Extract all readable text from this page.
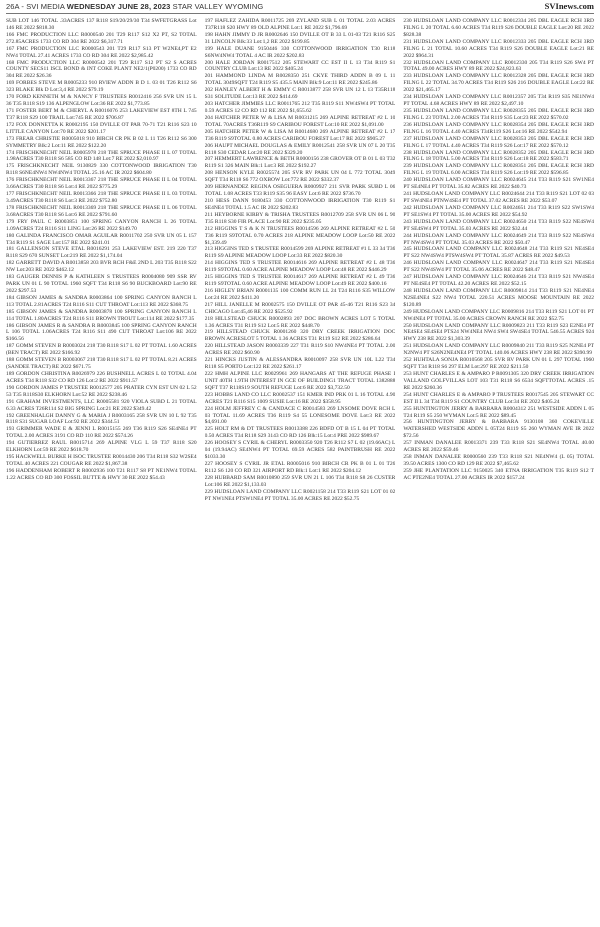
26A - SVI MEDIA WEDNESDAY JUNE 28, 2023 STAR VALLEY WYOMING	SVInews.com

SUB LOT 146 TOTAL .33ACRES 137 R118 S19/20/29/30 T34 SWFETGRASS Lot 146 RE 2022 $818.30

166 FMC PRODUCTION LLC R0000540 201 T29 R117 S12 X2 PT, S2 TOTAL 272.85ACRES 1733 CO RD 304 RE 2022 $6,317.71

167 FMC PRODUCTION LLC R0000543 201 T29 R117 S13 PT W2NE4,PT E2 NW4 TOTAL 27.41 ACRES 1733 CO RD 304 RE 2022 $2,985.42

168 FMC PRODUCTION LLC R0000542 201 T29 R117 S12 PT S2 S ACRES COUNTY SECS11 ISCL BOND & INT COKE PLANT NE2/1(P0200) 1733 CO RD 304 RE 2022 $26.36

169 FORBES STEVE M R0005233 910 RVIEW ADDN B D 1. 03 01 T26 R112 S6 323 BLAKE Blk D Lot:3,4 RE 2022 $79.19

170 FORD KENNETH M & NANCY F TRUSTEES R0012416 256 SVR UN 15 L 36 T35 R118 S19 136 ALPENGLOW Lot:36 RE 2022 $1,773.85

171 FOSTER BERT M & CHERYL A R0016076 253 LAKEVIEW EST 8TH L 745 T37 R118 S29 100 TRAIL Lot:745 RE 2022 $706.87

172 FOX DONNETTA K R0002195 150 DVILLE OT PAR 70-71 T21 R116 S23 10 LITTLE CANYON Lot:70 RE 2022 $201.17

173 FREAR CHRISTIE R0005018 910 BIRCH CR PK B 02 L 11 T26 R112 S6 300 SYMMETRY Blk:2 Lot:11 RE 2022 $122.20

174 FRISCHKNECHT NEIL R0005978 218 THE SPRUCE PHASE II L 07 TOTAL 1.98ACRES T30 R118 S6 585 CO RD 148 Lot:7 RE 2022 $2,010.97

175 FRISCHKNECHT NEIL 9130829 330 COTTONWOOD IRRIGATION T30 R118 S6NE4NW4 NW4NW4 TOTAL 25.16 AC IR 2022 $604.80

176 FRISCHKNECHT NEIL R0013367 218 THE SPRUCE PHASE II L 04 TOTAL 3.66ACRES T30 R118 S6 Lot:4 RE 2022 $775.29

177 FRISCHKNECHT NEIL R0013366 218 THE SPRUCE PHASE II L 03 TOTAL 3.49ACRES T30 R118 S6 Lot:3 RE 2022 $752.80

178 FRISCHKNECHT NEIL R0013369 218 THE SPRUCE PHASE II L 06 TOTAL 3.68ACRES T30 R118 S6 Lot:6 RE 2022 $791.60

179 FRY PAUL C R0003851 100 SPRING CANYON RANCH L 26 TOTAL 1.09ACRES T24 R116 S11 LING Lot:26 RE 2022 $149.70

180 GALINDA FRANCISCO OMAR AGUILAR R0011702 250 SVR UN 05 L 157 T34 R119 S1 SAGE Lot:157 RE 2022 $241.01

181 GALLENSON STEVE ETAL R0016291 253 LAKEVIEW EST. 219 220 T37 R118 S29 670 SUNSET Lot:219 RE 2022 $1,174.04

182 GARRETT DAVID A R0013858 203 BVR RCH F&E 2ND L 203 T35 R118 S22 NW Lot:203 RE 2022 $462.12

183 GAUGER DENNIS P & KATHLEEN S TRUSTEES R0004080 909 SSR RV PARK UN 01 L 90 TOTAL 1960 SQFT T34 R118 S6 90 BUCKBOARD Lot:90 RE 2022 $297.53

184 GIBSON JAMES & SANDRA R0003864 100 SPRING CANYON RANCH L 113 TOTAL 2.81ACRES T24 R116 S11 CUT THROAT Lot:113 RE 2022 $368.75

185 GIBSON JAMES & SANDRA R0003878 100 SPRING CANYON RANCH L 114 TOTAL 1.80ACRES T24 R116 S11 BROWN TROUT Lot:114 RE 2022 $177.35

186 GIBSON JAMES R & SANDRA R R0003845 100 SPRING CANYON RANCH L 106 TOTAL 1.06ACRES T24 R116 S11 490 CUT THROAT Lot:106 RE 2022 $166.56

187 GOMM STEVEN B R0003024 218 T30 R118 S17 L 02 PT TOTAL 1.60 ACRES (BEN TRACT) RE 2022 $166.92

188 GOMM STEVEN B R0003067 218 T30 R118 S17 L 02 PT TOTAL 8.21 ACRES (SANDEE TRACT) RE 2022 $671.75

189 GORDON CHRISTINA R0026979 226 BUSHNELL ACRES L 02 TOTAL 4.04 ACRES T34 R118 S32 CO RD 126 Lot:2 RE 2022 $911.57

190 GORDON JAMES P TRUSTEE R0012577 205 PRATER CYN EST UN 02 L 52 53 T35 R118S30 ELKHORN Lot:52 RE 2022 $238.46

191 GRAHAM INVESTMENTS, LLC R0005581 920 VIOLA SUBD L 21 TOTAL 6.33 ACRES T26R114 S2 BIG SPRING Lot:21 RE 2022 $349.42

192 GREENHALGH DANNY G & MARIA J R0003165 258 SVR UN 10 L 92 T35 R118 S31 SUGAR LOAF Lot:92 RE 2022 $344.51

193 GRIMMER WADE E & JENNI L R0015155 269 T36 R119 S26 SE4NE4 PT TOTAL 2.00 ACRES 3191 CO RD 110 RE 2022 $574.26

194 GUTIERREZ RAUL R0015714 269 ALPINE VLG L 59 T37 R118 S20 ELKHORN Lot:59 RE 2022 $618.70

195 HACKWELL BURKE H ISOC TRUSTEE R0014430 206 T34 R118 S32 W2SE4 TOTAL 40 ACRES 221 COUGAR RE 2022 $1,867.38

196 HADDENHAM ROBERT R R0002936 100 T21 R117 S8 PT NE1NW4 TOTAL 1.22 ACRES CO RD 300 FOSSIL BUTTE & HWY 30 RE 2022 $54.43

197 HAFLEZ ZAHIDA R0011725 269 ZYLAND SUB L 01 TOTAL 2.03 ACRES T37R118 S20 HWY 89 OLD ALPINE Lot:1 RE 2022 $1,796.69

198 HAHN JIMMY D JR R0002646 150 DVILLE OT B 33 L 01-03 T21 R116 S25 31 LINCOLN Blk:33 Lot:1,2 RE 2022 $199.85

199 HALE DUANE 9150446 330 COTTONWOOD IRRIGATION T30 R118 S6NW4NW4 TOTAL 4 AC IR 2022 $202.83

200 HALE JORDAN R0017512 205 STEWART CC EST II L 13 T34 R119 S1 COUNTRY CLUB Lot:13 RE 2022 $405.24

201 HAMMOND LINDA M R0028350 251 CKYE THIRD ADDN B 09 L 11 TOTAL 3049SQFT T24 R119 S5 435.5 MAIN Blk:9 Lot:11 RE 2022 $245.86

202 HANLEY ALBERT H & EMMY C R0013877 258 SVR UN 12 L 13 T35R118 S31 SOLITUDE Lot:13 RE 2022 $414.69

203 HATCHER JIMMIES LLC R0011765 212 T35 R119 S11 NW4SW4 PT TOTAL 0.59 ACRES 12 CO RD 112 RE 2022 $1,655.62

204 HATCHER PETER W & LISA M R0031215 269 ALPINE RETREAT #2 L 10 TOTAL 70ACRES T36R119 S9 CARIBOU FOREST Lot:10 RE 2022 $1,091.00

205 HATCHER PETER W & LISA M R0014680 269 ALPINE RETREAT #2 L 17 T36 R119 S9TOTAL 0.80 ACRES CARIBOU FOREST Lot:17 RE 2022 $905.27

206 HAUPT MICHAEL DOUGLAS & EMILY R0012541 258 SVR UN 07 L 20 T35 R118 S30 CEDAR Lot:20 RE 2022 $329.20

207 HEMMERT LAWRENCE & BETH R0000156 238 GROVER OT B 01 L 03 T32 R119 S1 326 MAIN Blk:1 Lot:3 RE 2022 $192.27

208 HENSON KYLE R0025574 205 SVR RV PARK UN 04 L 772 TOTAL 3049 SQFT T34 R118 S6 772 OXBOW Lot:772 RE 2022 $332.37

209 HERNANDEZ REGINA OSEGUERA R0009927 211 SVR PARK SUBD L 06 TOTAL 1.08 ACRES T33 R119 S35 96 EASY Lot:6 RE 2022 $736.70

210 HESS DANN 9180453 330 COTTONWOOD IRRIGATION T30 R119 S1 SE4NE4 TOTAL 1.5 AC IR 2022 $202.83

211 HEYBORNE KIRBY & TRISHA TRUSTEES R0012709 258 SVR UN 06 L 90 T35 R118 S30 FIR PLACE Lot:90 RE 2022 $235.05

212 HIGGINS T S & K N TRUSTEES R0014596 269 ALPINE RETREAT #2 L 50 T36 R119 S9TOTAL 0.70 ACRES 218 ALPINE MEADOW LOOP Lot:50 RE 2022 $1,339.49

213 HIGGINS TED S TRUSTEE R0014599 269 ALPINE RETREAT #1 L 33 34 T36 R119 S9 ALPINE MEADOW LOOP Lot:33 RE 2022 $820.30

214 HIGGINS TED S TRUSTEE R0014616 269 ALPINE RETREAT #2 L 48 T36 R119 S9TOTAL 0.60 ACRE ALPINE MEADOW LOOP Lot:48 RE 2022 $446.29

215 HIGGINS TED S TRUSTEE R0014617 269 ALPINE RETREAT #2 L 49 T36 R119 S9TOTAL 0.60 ACRE ALPINE MEADOW LOOP Lot:49 RE 2022 $400.16

216 HIGLEY BRIAN R0001135 100 COMM RUN LL 24 T24 R116 S35 WILLOW Lot:24 RE 2022 $411.20

217 HILL JANELLE M R0002575 150 DVILLE OT PAR 45-46 T21 R116 S23 34 CHICAGO Lot:45,46 RE 2022 $525.92

218 HILLSTEAD CHUCK R0002893 207 DOC BROWN ACRES LOT 5 TOTAL 1.36 ACRES T31 R119 S12 Lot:5 RE 2022 $448.70

219 HILLSTEAD CHUCK R0001260 320 DRY CREEK IRRIGATION DOC BROWN ACRESLOT 5 TOTAL 1.36 ACRES T31 R119 S12 RE 2022 $286.64

220 HILLSTEAD JASON R0003339 227 T31 R119 S10 NW4NE4 PT TOTAL 2.00 ACRES RE 2022 $60.90

221 HINCKS JUSTIN & ALESSANDRA R0010097 258 SVR UN 10L L22 T34 R118 S5 PORTO Lot:122 RE 2022 $261.17

222 HMH ALPINE LLC R0029961 269 HANGARS AT THE REFUGE PHASE I UNIT 40TH 1.9TH INTEREST IN GCE OF BUILDING1 TRACT TOTAL 1382888 SQFT T37 R118S19 SOUTH REFUGE Lot:6 RE 2022 $3,732.50

223 HOBBS LAND CO LLC R0002537 151 KMER IND PRK 01 L 16 TOTAL 4.90 ACRES T21 R116 S15 1009 SUSIE Lot:16 RE 2022 $358.95

224 HOLM JEFFREY C & CANDACE C R0014583 269 LNSOME DOVE RCH L 03 TOTAL 11.69 ACRES T36 R119 S4 55 LONESOME DOVE Lot:3 RE 2022 $4,691.00

225 HOLT RM & DT TRUSTEES R0013388 226 BDFD OT B 15 L 04 PT TOTAL 0.50 ACRES T34 R118 S29 3143 CO RD 126 Blk:15 Lot:4 PRE 2022 $989.67

226 HOOSEY S CYRIL & CHERYL R0003350 920 T26 R112 S7 L 02 (19.66AC) L 04 (19.94AC) SE4NW4 PT TOTAL 69.59 ACRES 582 PAINTBRUSH RE 2022 $1033.30

227 HOOSEY S CYRIL JR ETAL R0005016 910 BIRCH CR PK B 01 L 01 T26 R112 S6 120 CO RD 321 AIRPORT RD Blk:1 Lot:1 RE 2022 $204.12

228 HUBBARD SAM R0010890 259 SVR UN 21 L 106 T34 R118 S8 26 CUSTER Lot:106 RE 2022 $1,133.03

229 HUDSLOAN LAND COMPANY LLC R0021158 214 T33 R119 S21 LOT 01 02 PT NW1NE4 PTSW1NE4 PT TOTAL 35.00 ACRES RE 2022 $52.75

230 HUDSLOAN LAND COMPANY LLC R0012334 205 DBL EAGLE RCH 3RD FILNG L 20 TOTAL 6.60 ACRES T34 R119 S26 DOUBLE EAGLE Lot:20 RE 2022 $828.38

231 HUDSLOAN LAND COMPANY LLC R0012333 205 DBL EAGLE RCH 3RD FILNG L 21 TOTAL 10.60 ACRES T34 R119 S26 DOUBLE EAGLE Lot:21 RE 2022 $964.31

232 HUDSLOAN LAND COMPANY LLC R0012330 205 T34 R119 S26 SW4 PT TOTAL 49.00 ACRES HWY 89 RE 2022 $24,823.63

233 HUDSLOAN LAND COMPANY LLC R0012328 205 DBL EAGLE RCH 3RD FILNG L 22 TOTAL 34.70 ACRES T34 R119 S26 216 DOUBLE EAGLE Lot:22 RE 2022 $21,465.17

234 HUDSLOAN LAND COMPANY LLC R0012357 205 T34 R119 S35 NE1NW4 PT TOTAL 4.68 ACRES HWY 89 RE 2022 $2,497.10

235 HUDSLOAN LAND COMPANY LLC R0028355 205 DBL EAGLE RCH 3RD FILNG L 23 TOTAL 2.00 ACRES T34 R119 S35 Lot:23 RE 2022 $570.02

236 HUDSLOAN LAND COMPANY LLC R0028354 205 DBL EAGLE RCH 3RD FILNG L 16 TOTAL 4.40 ACRES T34R119 S26 Lot:16 RE 2022 $542.94

237 HUDSLOAN LAND COMPANY LLC R0028353 205 DBL EAGLE RCH 3RD FILNG L 17 TOTAL 4.40 ACRES T34 R119 S26 Lot:17 RE 2022 $570.12

238 HUDSLOAN LAND COMPANY LLC R0028352 205 DBL EAGLE RCH 3RD FILNG L 18 TOTAL 5.00 ACRES T34 R119 S26 Lot:18 RE 2022 $583.71

239 HUDSLOAN LAND COMPANY LLC R0028351 205 DBL EAGLE RCH 3RD FILNG L 19 TOTAL 6.00 ACRES T34 R119 S26 Lot:19 RE 2022 $596.85

240 HUDSLOAN LAND COMPANY LLC R0024645 214 T33 R119 S21 SW1NE4 PT SE4NE4 PT TOTAL 35.82 ACRES RE 2022 $40.73

241 HUDSLOAN LAND COMPANY LLC R0024644 214 T33 R119 S21 LOT 02 03 PT SW4NE4 PTNW4SE4 PT TOTAL 37.02 ACRES RE 2022 $53.07

242 HUDSLOAN LAND COMPANY LLC R0024651 214 T33 R119 S22 SW1SW4 PT SE1SW4 PT TOTAL 35.00 ACRES RE 2022 $54.92

243 HUDSLOAN LAND COMPANY LLC R0024650 214 T33 R119 S22 NE4SW4 PT SE4SW4 PT TOTAL 35.03 ACRES RE 2022 $32.44

244 HUDSLOAN LAND COMPANY LLC R0024649 214 T33 R119 S22 NE4SW4 PT NW4SW4 PT TOTAL 35.03 ACRES RE 2022 $50.47

245 HUDSLOAN LAND COMPANY LLC R0024648 214 T33 R119 S21 NE4SE4 PT S22 NW4SW4 PTSW4SW4 PT TOTAL 35.87 ACRES RE 2022 $49.53

246 HUDSLOAN LAND COMPANY LLC R0024647 214 T33 R119 S21 NE4SE4 PT S22 NW4SW4 PT TOTAL 35.06 ACRES RE 2022 $48.47

247 HUDSLOAN LAND COMPANY LLC R0024646 214 T33 R119 S21 NW4SE4 PT NE4SE4 PT TOTAL 42.20 ACRES RE 2022 $52.15

248 HUDSLOAN LAND COMPANY LLC R0009814 214 T33 R119 S21 NE4NE4 N2SE4NE4 S22 NW4 TOTAL 220.51 ACRES MOOSE MOUNTAIN RE 2022 $120.89

249 HUDSLOAN LAND COMPANY LLC R0009816 214 T33 R119 S21 LOT 01 PT NW4NE4 PT TOTAL 35.00 ACRES CROWN RANCH RE 2022 $52.75

250 HUDSLOAN LAND COMPANY LLC R0009823 211 T33 R119 S23 E2NE4 PT NE4SE4 SE4SE4 PTS24 NW4NE4 NW4 SW4 SW4SE4 TOTAL 546.55 ACRES 924 HWY 238 RE 2022 $1,303.39

251 HUDSLOAN LAND COMPANY LLC R0009840 211 T33 R119 S25 N2NE4 PT N2NW4 PT S26N2NE4NE4 PT TOTAL 140.06 ACRES HWY 238 RE 2022 $390.99

252 HUHTALA SONJA R0010568 205 SVR RV PARK UN 01 L 297 TOTAL 1960 SQFT T34 R118 S6 297 ELM Lot:297 RE 2022 $211.50

253 HUNT CHARLES E & AMPARO P R0091305 320 DRY CREEK IRRIGATION VALLAND GOLFVILLAS LOT 103 T31 R118 S6 6534 SQFTTOTAL ACRES .15 RE 2022 $260.36

254 HUNT CHARLES E & AMPARO P TRUSTEES R0017545 205 STEWART CC EST II L 34 T34 R119 S1 COUNTRY CLUB Lot:34 RE 2022 $405.24

255 HUNTINGTON JERRY & BARBARA R0004312 251 WESTSIDE ADDN L 05 T24 R119 S5 250 WYMAN Lot:5 RE 2022 $89.45

256 HUNTINGTON JERRY & BARBARA 9130108 360 COKEVILLE WATERSHED WESTSIDE ADDN L 05T24 R119 S5 260 WYMAN AVE IR 2022 $72.56

257 INMAN DANALEE R0013371 239 T33 R118 S21 SE4NW4 TOTAL 40.00 ACRES RE 2022 $59.46

258 INMAN DANALEE R0000560 239 T33 R118 S21 NE4NW4 (L 05) TOTAL 39.50 ACRES 1300 CO RD 129 RE 2022 $7,465.62

259 JHE PLANTATION LLC 9150025 340 ETNA IRRIGATION T35 R119 S12 T AC PTE2NE4 TOTAL 27.00 ACRES IR 2022 $157.24
